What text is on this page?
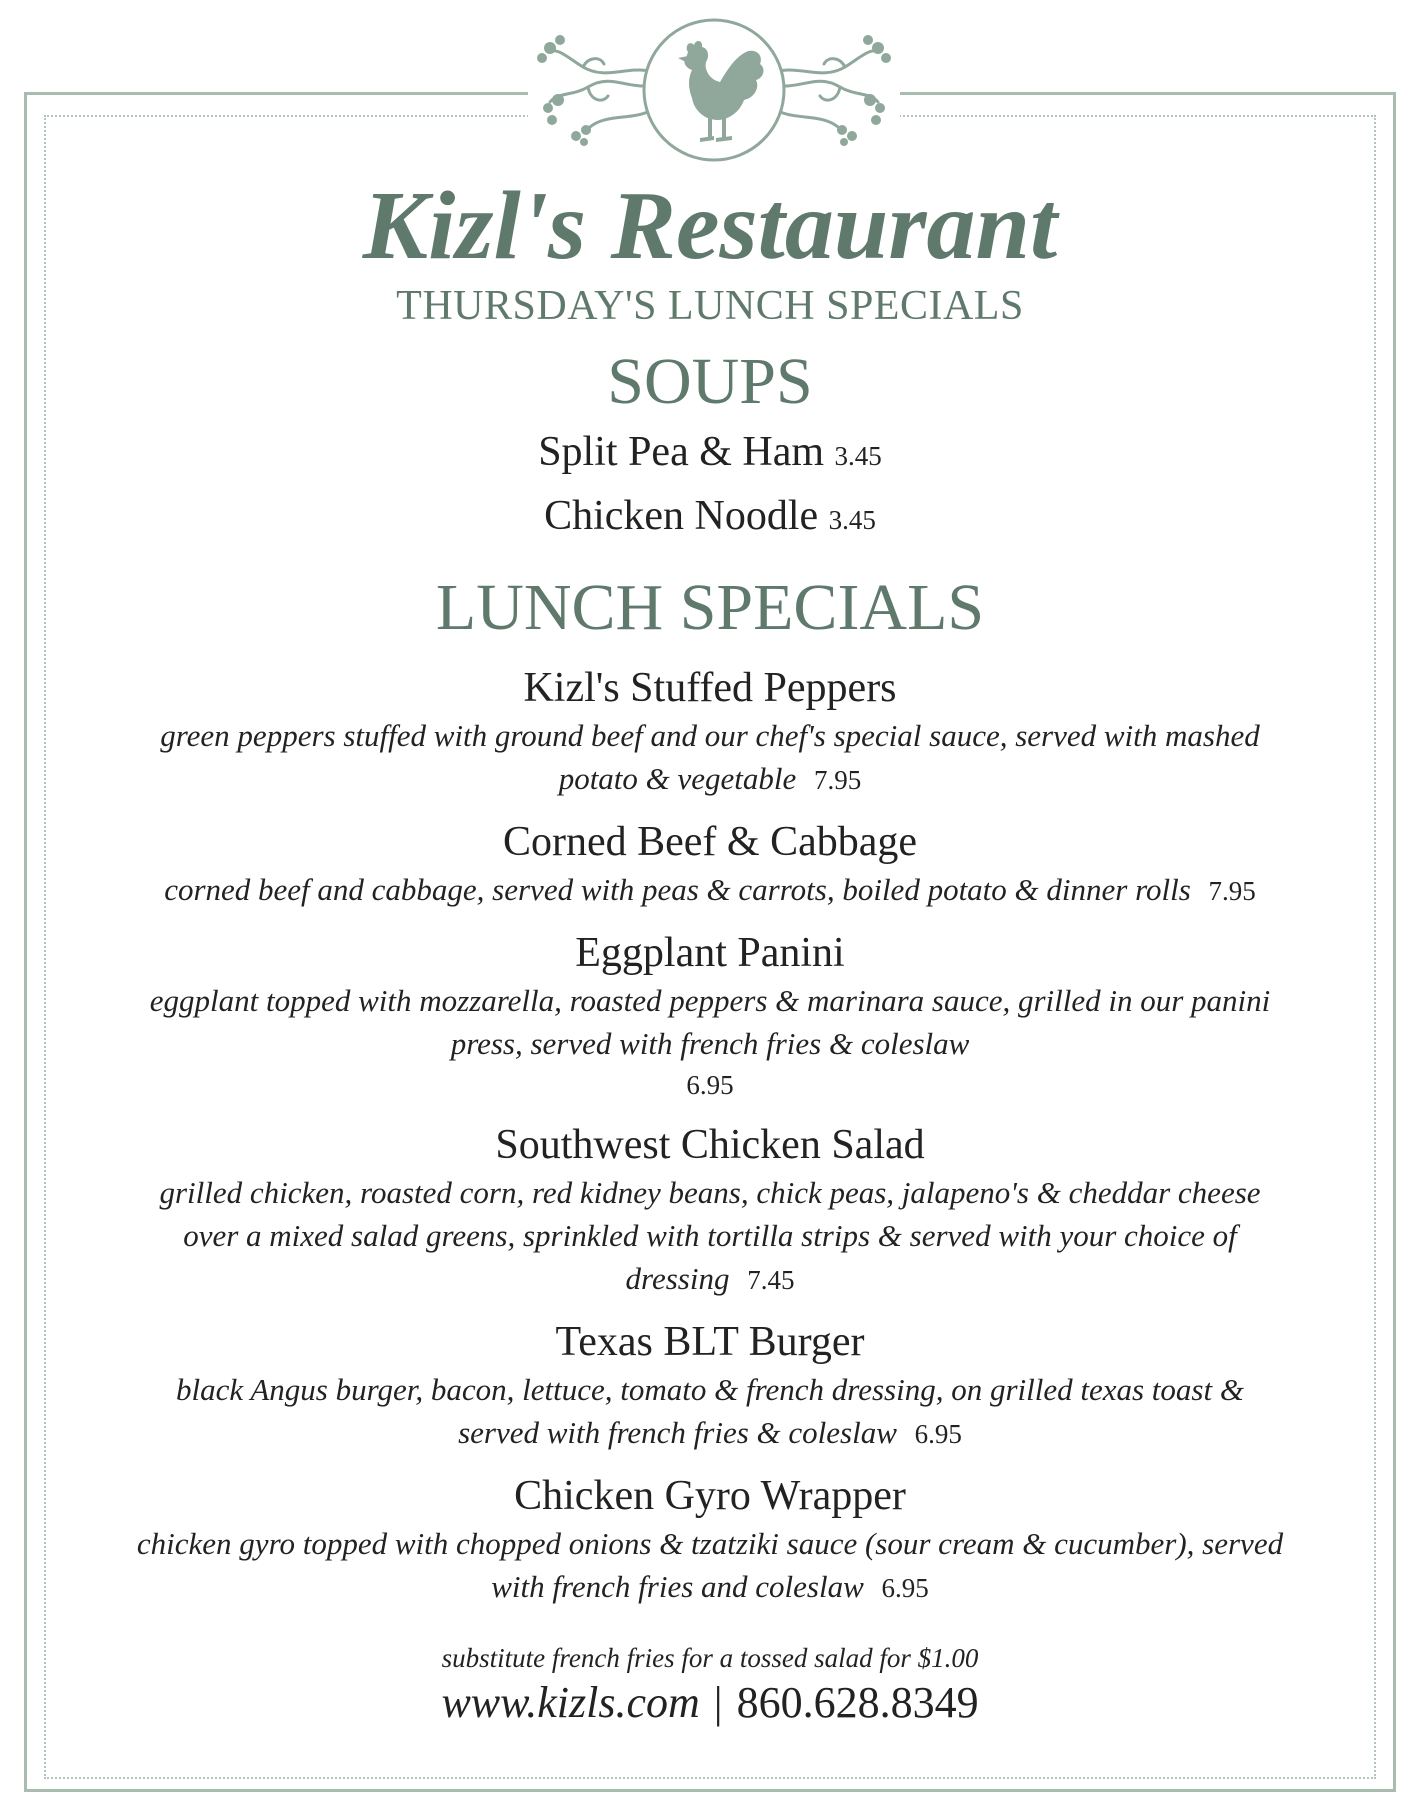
Kizl's Restaurant
THURSDAY'S LUNCH SPECIALS
SOUPS
Split Pea & Ham 3.45
Chicken Noodle 3.45
LUNCH SPECIALS
Kizl's Stuffed Peppers
green peppers stuffed with ground beef and our chef's special sauce, served with mashed
potato & vegetable 7.95
Corned Beef & Cabbage
corned beef and cabbage, served with peas & carrots, boiled potato & dinner rolls 7.95
Eggplant Panini
eggplant topped with mozzarella, roasted peppers & marinara sauce, grilled in our panini
press, served with french fries & coleslaw
6.95
Southwest Chicken Salad
grilled chicken, roasted corn, red kidney beans, chick peas, jalapeno's & cheddar cheese
over a mixed salad greens, sprinkled with tortilla strips & served with your choice of
dressing 7.45
Texas BLT Burger
black Angus burger, bacon, lettuce, tomato & french dressing, on grilled texas toast &
served with french fries & coleslaw 6.95
Chicken Gyro Wrapper
chicken gyro topped with chopped onions & tzatziki sauce (sour cream & cucumber), served
with french fries and coleslaw 6.95
substitute french fries for a tossed salad for $1.00
www.kizls.com | 860.628.8349
